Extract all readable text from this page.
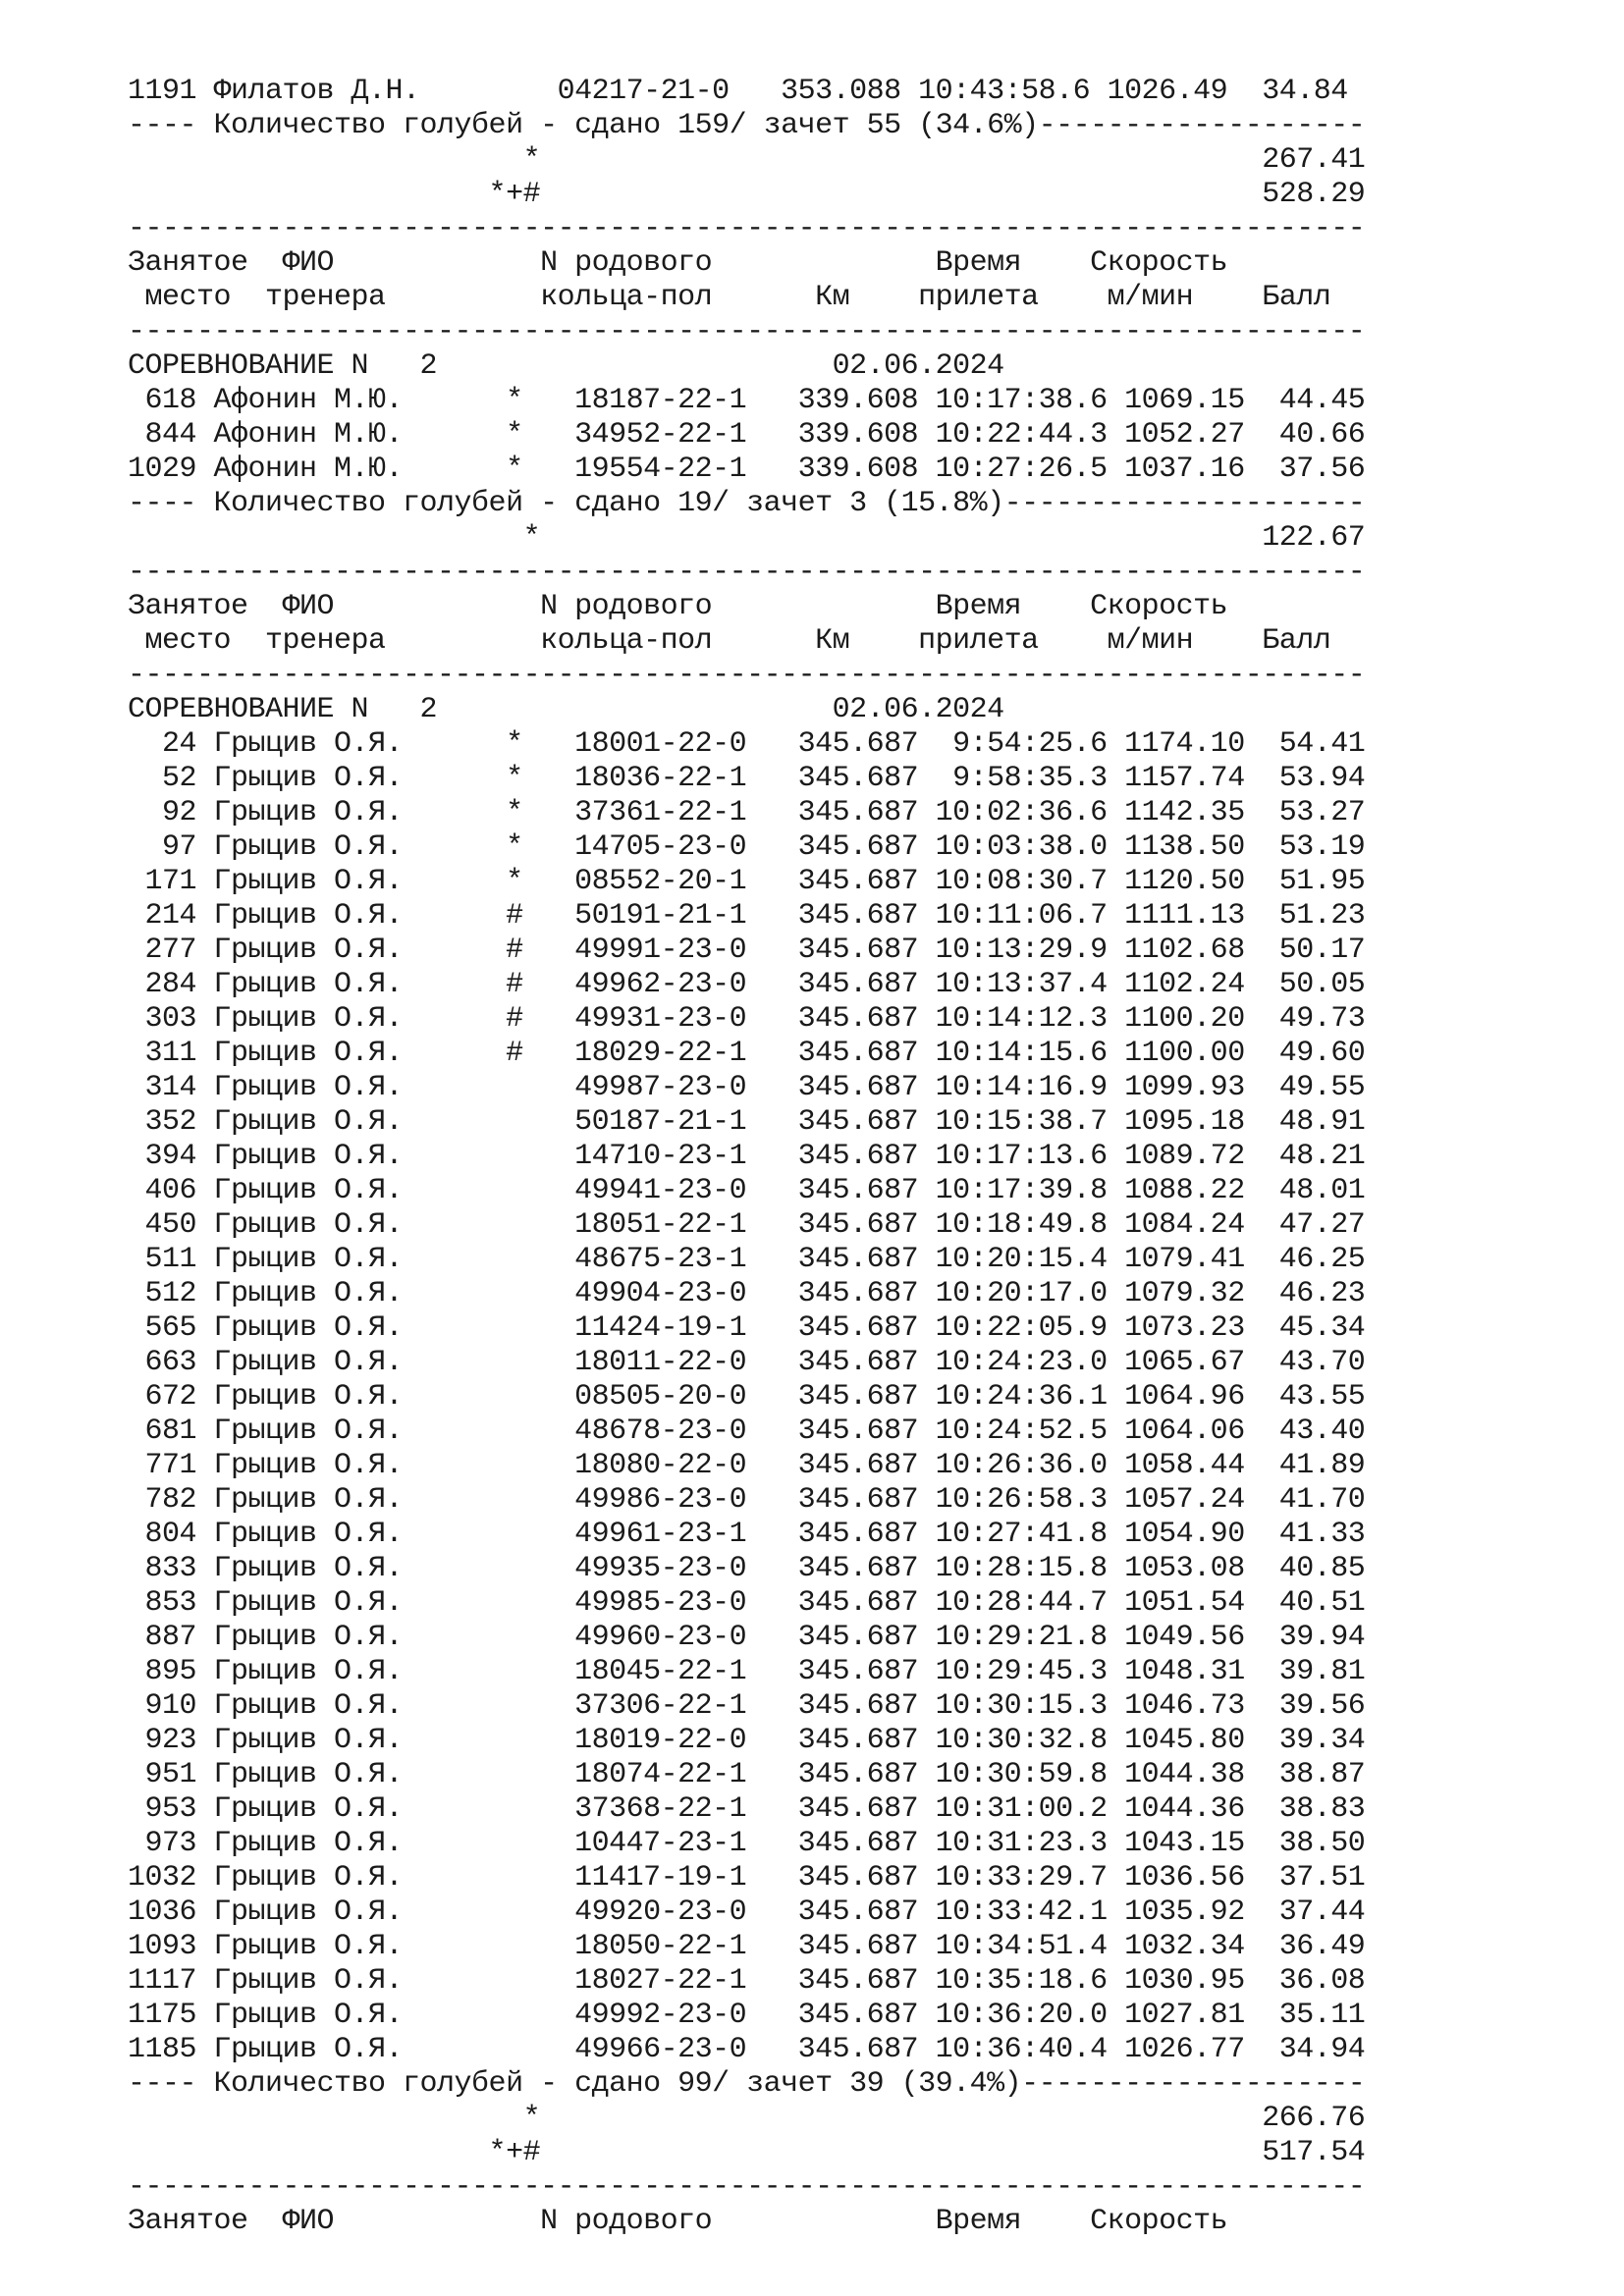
1191 Филатов Д.Н.        04217-21-0   353.088 10:43:58.6 1026.49  34.84
---- Количество голубей - сдано 159/ зачет 55 (34.6%)-------------------
*                                          267.41
*+#                                          528.29
------------------------------------------------------------------------
Занятое  ФИО            N родового             Время    Скорость
место  тренера         кольца-пол      Км    прилета    м/мин    Балл
------------------------------------------------------------------------
СОРЕВНОВАНИЕ N   2                       02.06.2024
618 Афонин М.Ю.      *   18187-22-1   339.608 10:17:38.6 1069.15  44.45
844 Афонин М.Ю.      *   34952-22-1   339.608 10:22:44.3 1052.27  40.66
1029 Афонин М.Ю.      *   19554-22-1   339.608 10:27:26.5 1037.16  37.56
---- Количество голубей - сдано 19/ зачет 3 (15.8%)---------------------
*                                          122.67
------------------------------------------------------------------------
Занятое  ФИО            N родового             Время    Скорость
место  тренера         кольца-пол      Км    прилета    м/мин    Балл
------------------------------------------------------------------------
СОРЕВНОВАНИЕ N   2                       02.06.2024
24 Грыцив О.Я.      *   18001-22-0   345.687  9:54:25.6 1174.10  54.41
52 Грыцив О.Я.      *   18036-22-1   345.687  9:58:35.3 1157.74  53.94
92 Грыцив О.Я.      *   37361-22-1   345.687 10:02:36.6 1142.35  53.27
97 Грыцив О.Я.      *   14705-23-0   345.687 10:03:38.0 1138.50  53.19
171 Грыцив О.Я.      *   08552-20-1   345.687 10:08:30.7 1120.50  51.95
214 Грыцив О.Я.      #   50191-21-1   345.687 10:11:06.7 1111.13  51.23
277 Грыцив О.Я.      #   49991-23-0   345.687 10:13:29.9 1102.68  50.17
284 Грыцив О.Я.      #   49962-23-0   345.687 10:13:37.4 1102.24  50.05
303 Грыцив О.Я.      #   49931-23-0   345.687 10:14:12.3 1100.20  49.73
311 Грыцив О.Я.      #   18029-22-1   345.687 10:14:15.6 1100.00  49.60
314 Грыцив О.Я.          49987-23-0   345.687 10:14:16.9 1099.93  49.55
352 Грыцив О.Я.          50187-21-1   345.687 10:15:38.7 1095.18  48.91
394 Грыцив О.Я.          14710-23-1   345.687 10:17:13.6 1089.72  48.21
406 Грыцив О.Я.          49941-23-0   345.687 10:17:39.8 1088.22  48.01
450 Грыцив О.Я.          18051-22-1   345.687 10:18:49.8 1084.24  47.27
511 Грыцив О.Я.          48675-23-1   345.687 10:20:15.4 1079.41  46.25
512 Грыцив О.Я.          49904-23-0   345.687 10:20:17.0 1079.32  46.23
565 Грыцив О.Я.          11424-19-1   345.687 10:22:05.9 1073.23  45.34
663 Грыцив О.Я.          18011-22-0   345.687 10:24:23.0 1065.67  43.70
672 Грыцив О.Я.          08505-20-0   345.687 10:24:36.1 1064.96  43.55
681 Грыцив О.Я.          48678-23-0   345.687 10:24:52.5 1064.06  43.40
771 Грыцив О.Я.          18080-22-0   345.687 10:26:36.0 1058.44  41.89
782 Грыцив О.Я.          49986-23-0   345.687 10:26:58.3 1057.24  41.70
804 Грыцив О.Я.          49961-23-1   345.687 10:27:41.8 1054.90  41.33
833 Грыцив О.Я.          49935-23-0   345.687 10:28:15.8 1053.08  40.85
853 Грыцив О.Я.          49985-23-0   345.687 10:28:44.7 1051.54  40.51
887 Грыцив О.Я.          49960-23-0   345.687 10:29:21.8 1049.56  39.94
895 Грыцив О.Я.          18045-22-1   345.687 10:29:45.3 1048.31  39.81
910 Грыцив О.Я.          37306-22-1   345.687 10:30:15.3 1046.73  39.56
923 Грыцив О.Я.          18019-22-0   345.687 10:30:32.8 1045.80  39.34
951 Грыцив О.Я.          18074-22-1   345.687 10:30:59.8 1044.38  38.87
953 Грыцив О.Я.          37368-22-1   345.687 10:31:00.2 1044.36  38.83
973 Грыцив О.Я.          10447-23-1   345.687 10:31:23.3 1043.15  38.50
1032 Грыцив О.Я.          11417-19-1   345.687 10:33:29.7 1036.56  37.51
1036 Грыцив О.Я.          49920-23-0   345.687 10:33:42.1 1035.92  37.44
1093 Грыцив О.Я.          18050-22-1   345.687 10:34:51.4 1032.34  36.49
1117 Грыцив О.Я.          18027-22-1   345.687 10:35:18.6 1030.95  36.08
1175 Грыцив О.Я.          49992-23-0   345.687 10:36:20.0 1027.81  35.11
1185 Грыцив О.Я.          49966-23-0   345.687 10:36:40.4 1026.77  34.94
---- Количество голубей - сдано 99/ зачет 39 (39.4%)--------------------
*                                          266.76
*+#                                          517.54
------------------------------------------------------------------------
Занятое  ФИО            N родового             Время    Скорость
